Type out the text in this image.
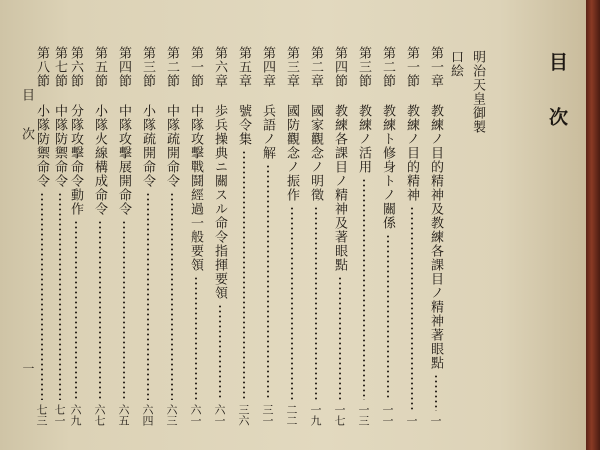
目次
明治天皇御製
口絵
第一章

教練ノ目的精神及教練各課目ノ精神著眼點
一
第一節

教練ノ目的精神
一
第二節

教練ト修身トノ關係
一一
第三節

教練ノ活用
一三
第四節

教練各課目ノ精神及著眼點
一七
第二章

國家觀念ノ明徵
一九
第三章

國防觀念ノ振作
二二
第四章

兵語ノ解
三一
第五章

號令集
三六
第六章

歩兵操典ニ關スル命令指揮要領
六一
第一節

中隊攻擊戰鬪經過一般要領
六一
第二節

中隊疏開命令
六三
第三節

小隊疏開命令
六四
第四節

中隊攻擊展開命令
六五
第五節

小隊火線構成命令
六七
第六節

分隊攻擊命令動作
六九
第七節

中隊防禦命令
七一
第八節

小隊防禦命令
七三
目次
一
